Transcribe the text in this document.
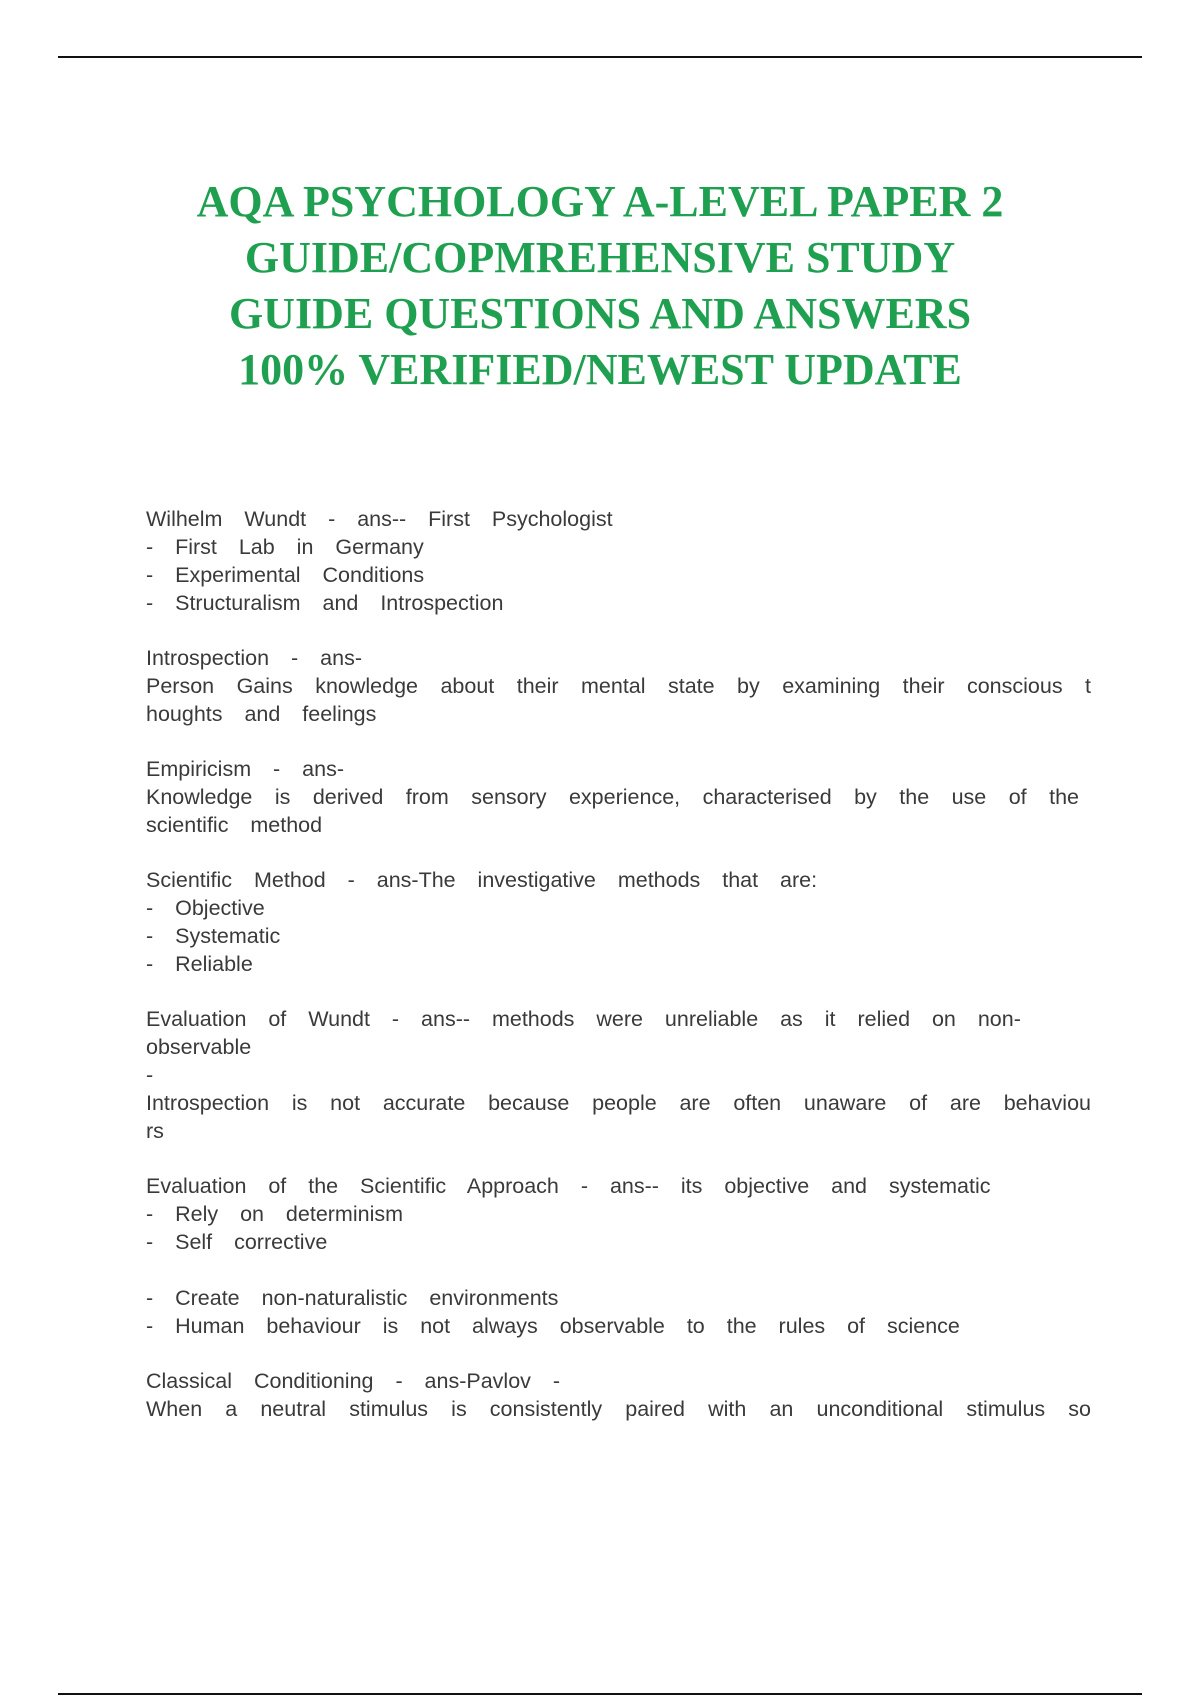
AQA PSYCHOLOGY A-LEVEL PAPER 2
GUIDE/COPMREHENSIVE STUDY
GUIDE QUESTIONS AND ANSWERS
100% VERIFIED/NEWEST UPDATE
Wilhelm  Wundt  -  ans--  First  Psychologist
-  First  Lab  in  Germany
-  Experimental  Conditions
-  Structuralism  and  Introspection
Introspection  -  ans-
Person Gains knowledge about their mental state by examining their conscious t
houghts  and  feelings
Empiricism  -  ans-
Knowledge is derived from sensory experience, characterised by the use of the
scientific  method
Scientific  Method  -  ans-The  investigative  methods  that  are:
-  Objective
-  Systematic
-  Reliable
Evaluation  of  Wundt  -  ans--  methods  were  unreliable  as  it  relied  on  non-
observable
-
Introspection is not accurate because people are often unaware of are behaviou
rs
Evaluation  of  the  Scientific  Approach  -  ans--  its  objective  and  systematic
-  Rely  on  determinism
-  Self  corrective
-  Create  non-naturalistic  environments
-  Human  behaviour  is  not  always  observable  to  the  rules  of  science
Classical  Conditioning  -  ans-Pavlov  -
When a neutral stimulus is consistently paired with an unconditional stimulus so
